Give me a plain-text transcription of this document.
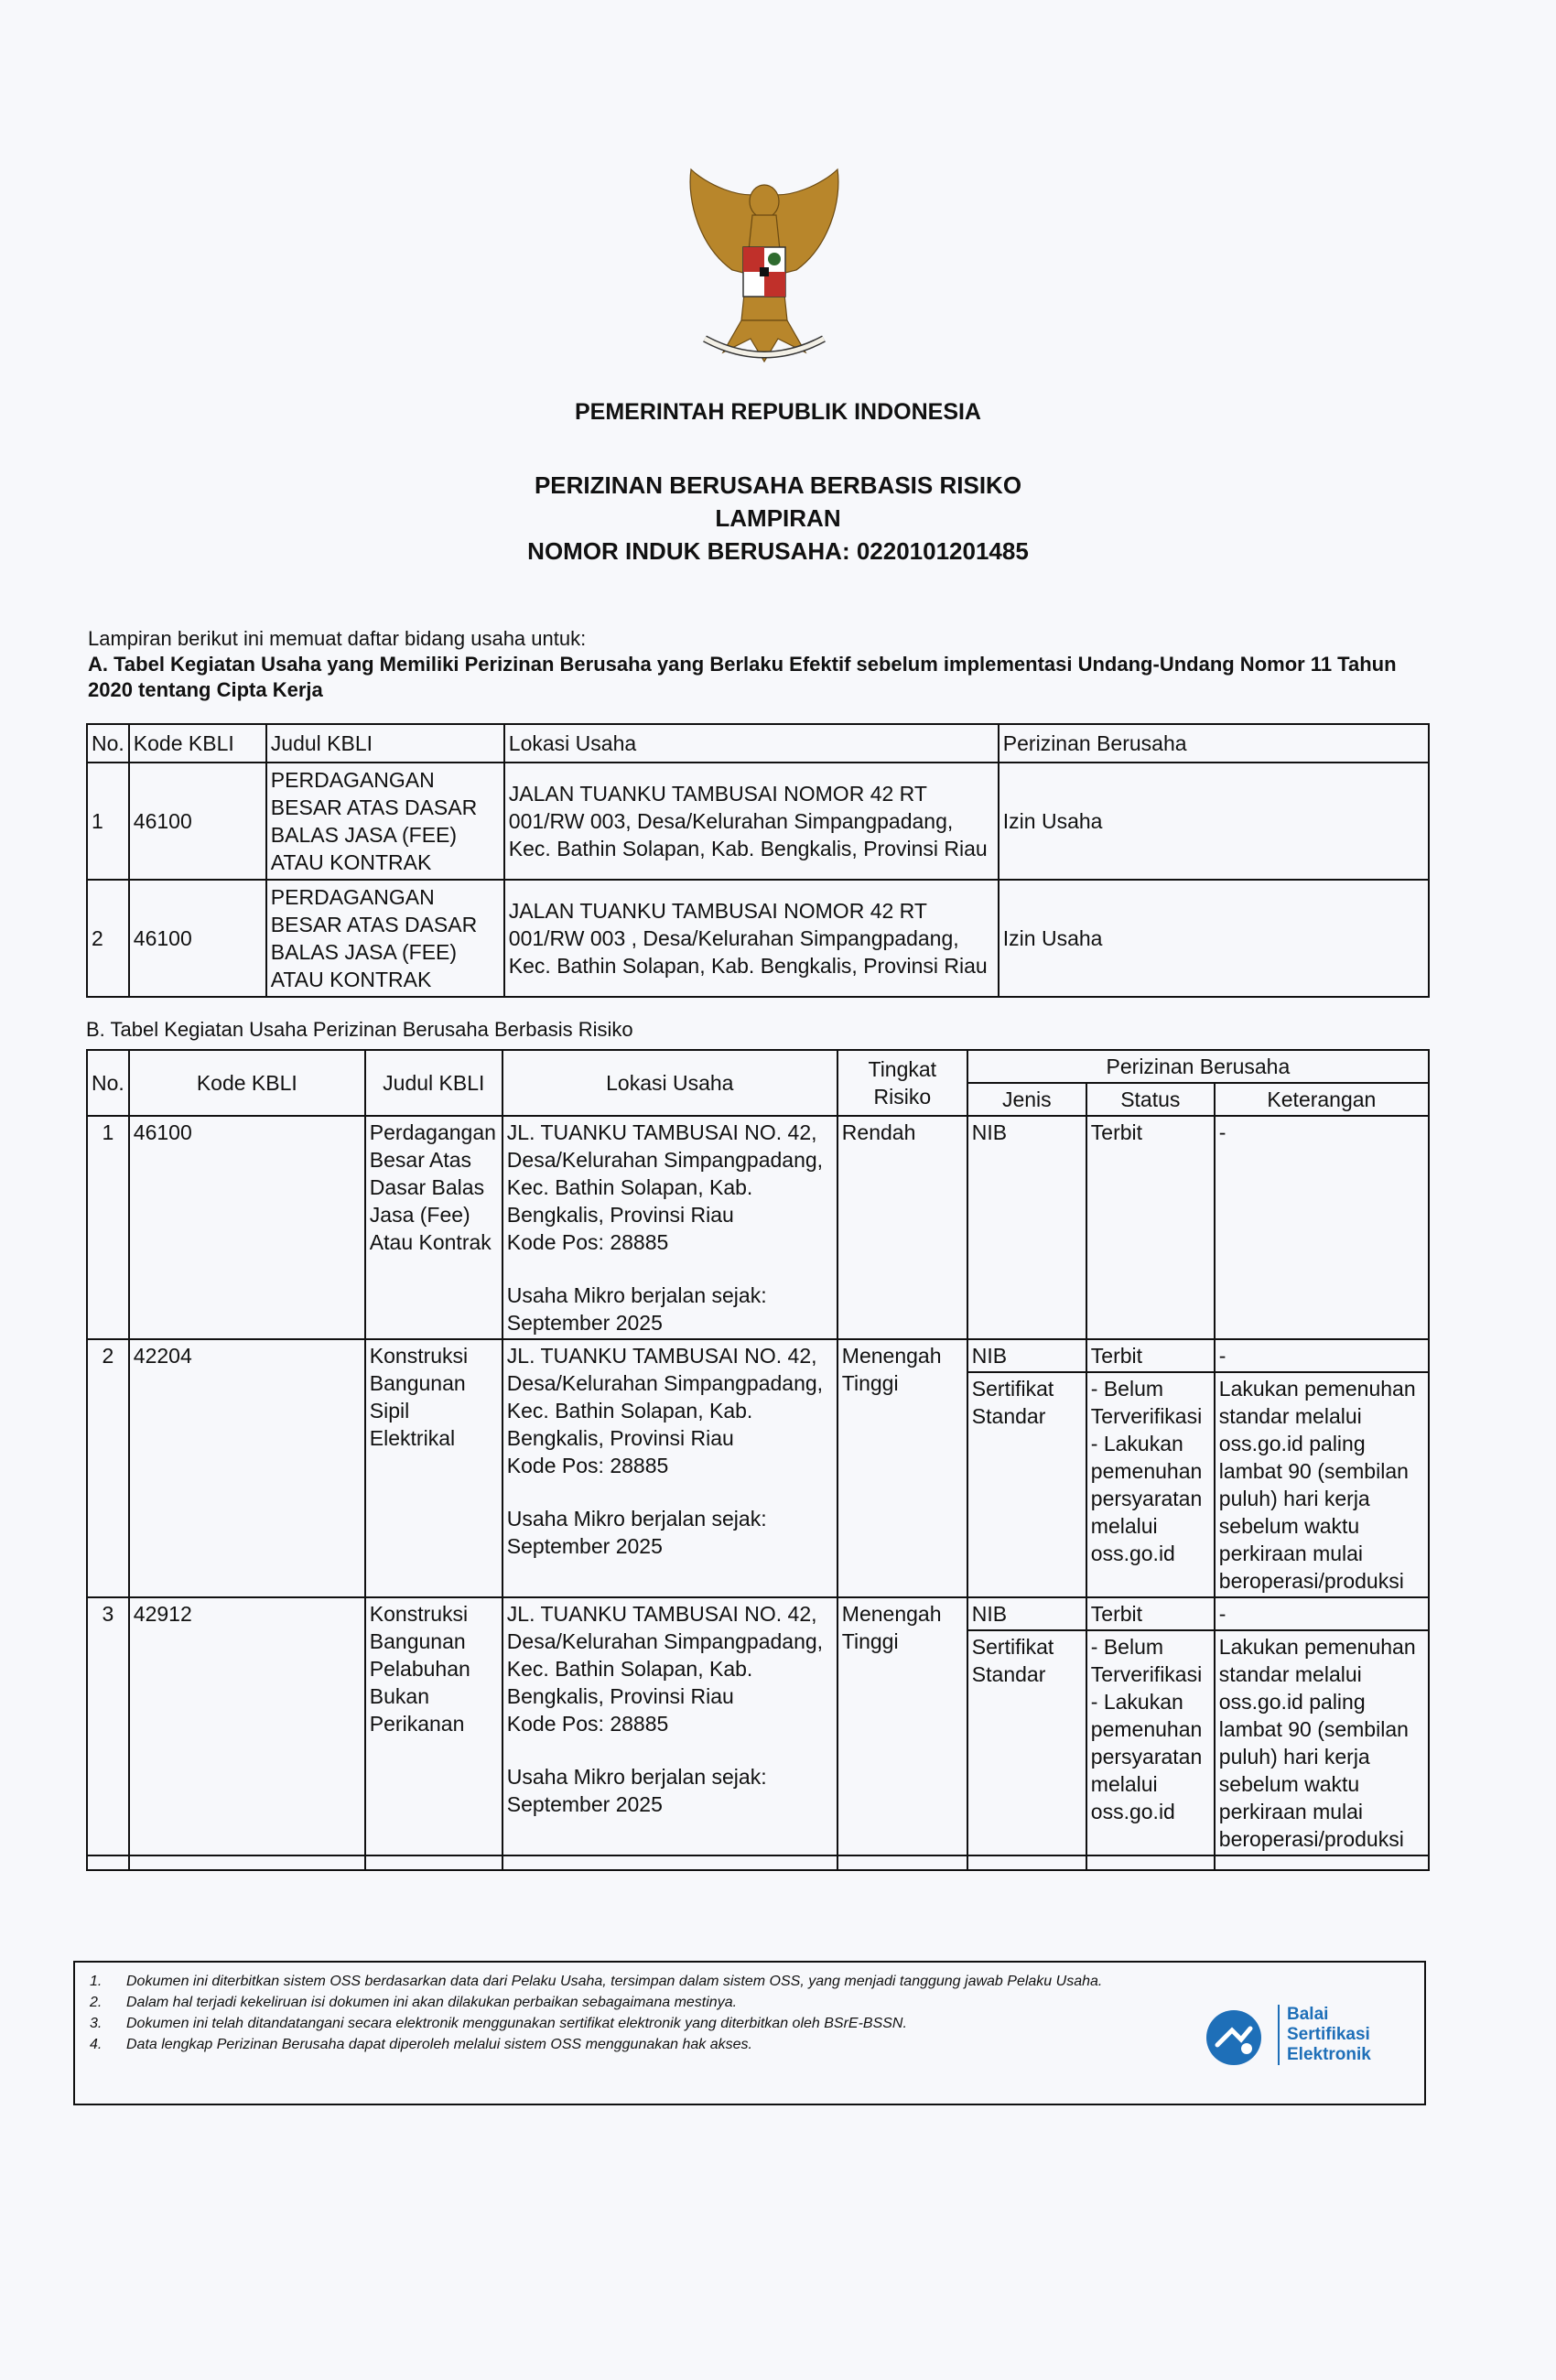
PEMERINTAH REPUBLIK INDONESIA
PERIZINAN BERUSAHA BERBASIS RISIKO
LAMPIRAN
NOMOR INDUK BERUSAHA: 0220101201485
Lampiran berikut ini memuat daftar bidang usaha untuk:
A. Tabel Kegiatan Usaha yang Memiliki Perizinan Berusaha yang Berlaku Efektif sebelum implementasi Undang-Undang Nomor 11 Tahun 2020 tentang Cipta Kerja
No.	Kode KBLI	Judul KBLI	Lokasi Usaha	Perizinan Berusaha
1	46100	PERDAGANGAN BESAR ATAS DASAR BALAS JASA (FEE) ATAU KONTRAK	JALAN TUANKU TAMBUSAI NOMOR 42 RT 001/RW 003, Desa/Kelurahan Simpangpadang, Kec. Bathin Solapan, Kab. Bengkalis, Provinsi Riau	Izin Usaha
2	46100	PERDAGANGAN BESAR ATAS DASAR BALAS JASA (FEE) ATAU KONTRAK	JALAN TUANKU TAMBUSAI NOMOR 42 RT 001/RW 003 , Desa/Kelurahan Simpangpadang, Kec. Bathin Solapan, Kab. Bengkalis, Provinsi Riau	Izin Usaha
B. Tabel Kegiatan Usaha Perizinan Berusaha Berbasis Risiko
No.	Kode KBLI	Judul KBLI	Lokasi Usaha	Tingkat Risiko	Perizinan Berusaha		
					Jenis	Status	Keterangan
1	46100	Perdagangan Besar Atas Dasar Balas Jasa (Fee) Atau Kontrak	JL. TUANKU TAMBUSAI NO. 42, Desa/Kelurahan Simpangpadang, Kec. Bathin Solapan, Kab. Bengkalis, Provinsi Riau
Kode Pos: 28885
Usaha Mikro berjalan sejak: September 2025	Rendah	NIB	Terbit	-
2	42204	Konstruksi Bangunan Sipil Elektrikal	JL. TUANKU TAMBUSAI NO. 42, Desa/Kelurahan Simpangpadang, Kec. Bathin Solapan, Kab. Bengkalis, Provinsi Riau
Kode Pos: 28885
Usaha Mikro berjalan sejak: September 2025	Menengah Tinggi	NIB	Terbit	-
					Sertifikat Standar	- Belum Terverifikasi - Lakukan pemenuhan persyaratan melalui oss.go.id	Lakukan pemenuhan standar melalui oss.go.id paling lambat 90 (sembilan puluh) hari kerja sebelum waktu perkiraan mulai beroperasi/produksi
3	42912	Konstruksi Bangunan Pelabuhan Bukan Perikanan	JL. TUANKU TAMBUSAI NO. 42, Desa/Kelurahan Simpangpadang, Kec. Bathin Solapan, Kab. Bengkalis, Provinsi Riau
Kode Pos: 28885
Usaha Mikro berjalan sejak: September 2025	Menengah Tinggi	NIB	Terbit	-
					Sertifikat Standar	- Belum Terverifikasi - Lakukan pemenuhan persyaratan melalui oss.go.id	Lakukan pemenuhan standar melalui oss.go.id paling lambat 90 (sembilan puluh) hari kerja sebelum waktu perkiraan mulai beroperasi/produksi

1.	Dokumen ini diterbitkan sistem OSS berdasarkan data dari Pelaku Usaha, tersimpan dalam sistem OSS, yang menjadi tanggung jawab Pelaku Usaha.
2.	Dalam hal terjadi kekeliruan isi dokumen ini akan dilakukan perbaikan sebagaimana mestinya.
3.	Dokumen ini telah ditandatangani secara elektronik menggunakan sertifikat elektronik yang diterbitkan oleh BSrE-BSSN.
4.	Data lengkap Perizinan Berusaha dapat diperoleh melalui sistem OSS menggunakan hak akses.
Balai
Sertifikasi
Elektronik
